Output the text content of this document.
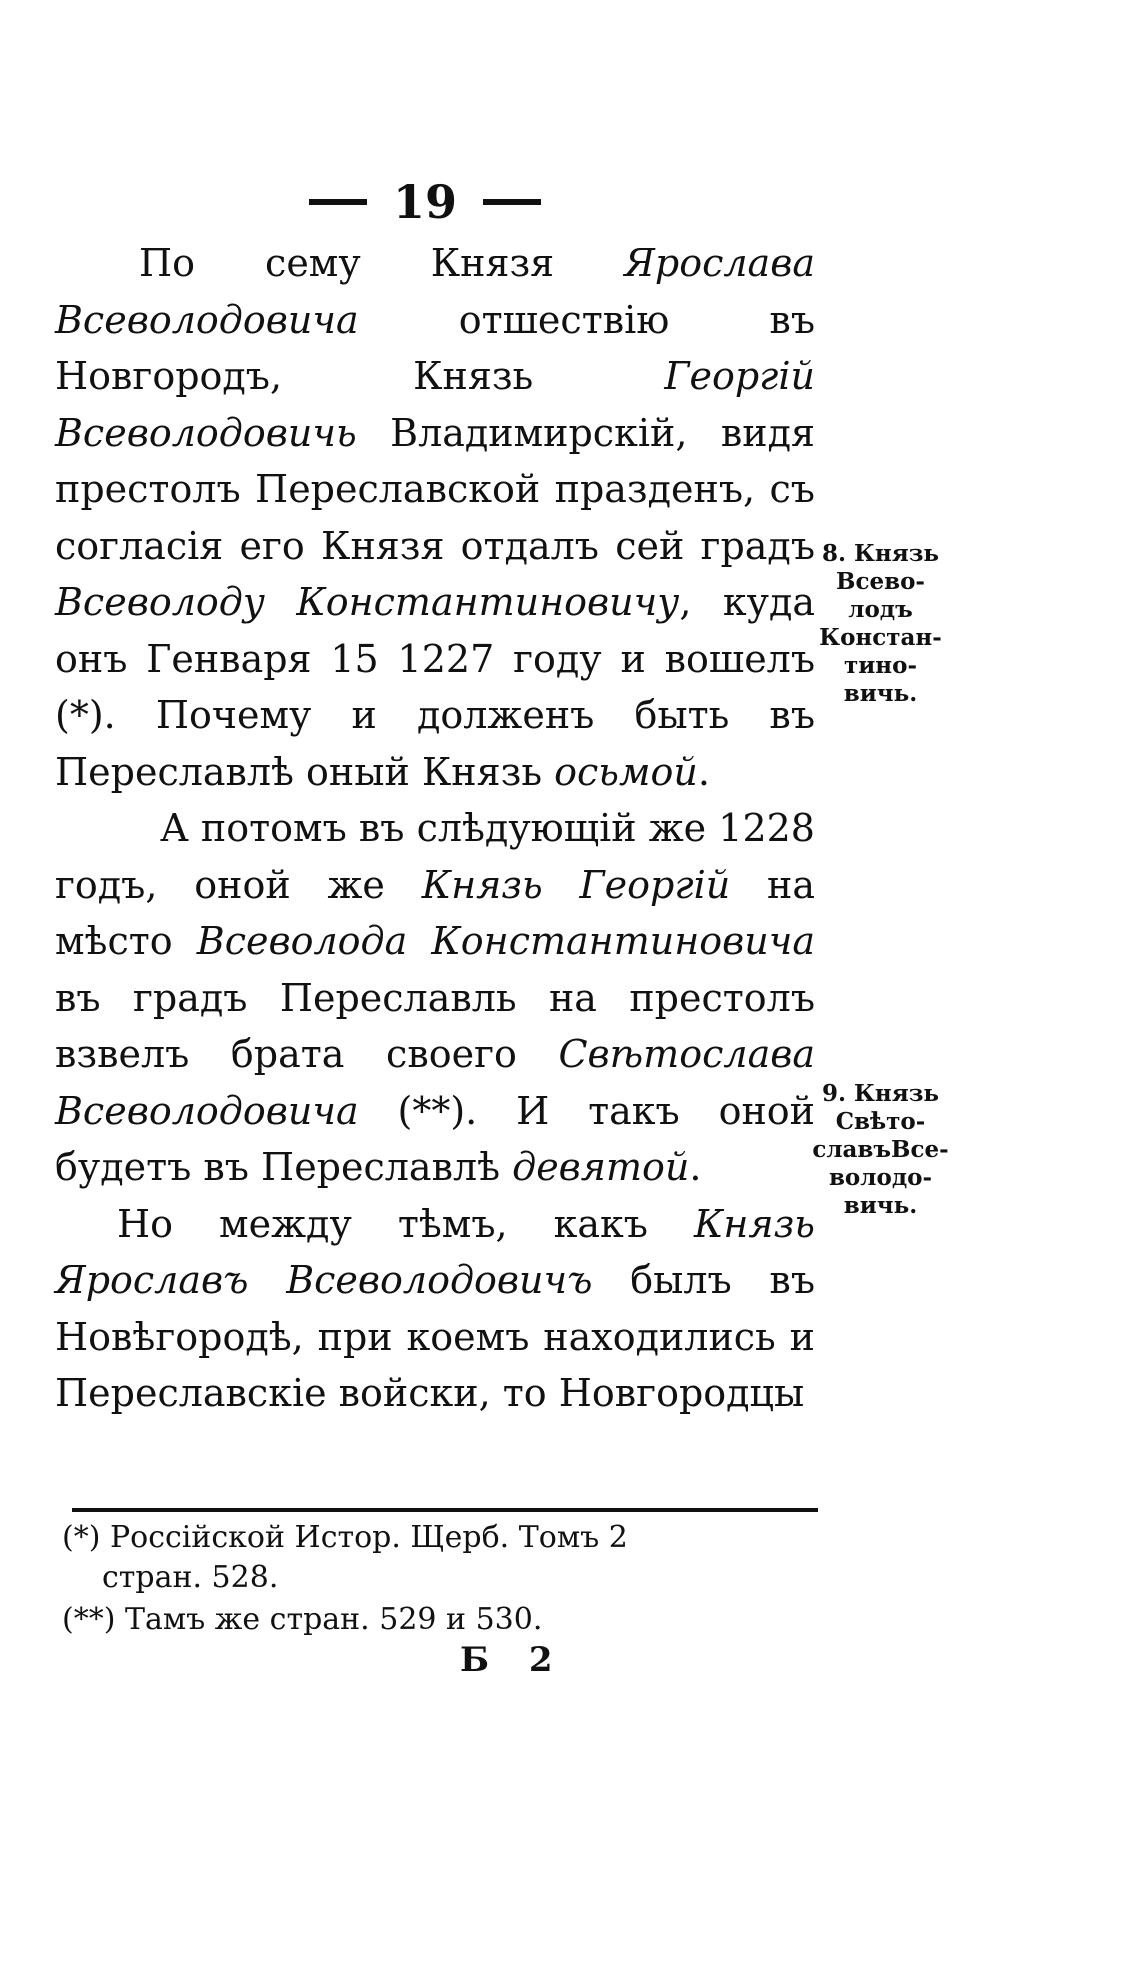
19

По сему Князя Ярослава Всеволодовича отшествію въ Новгородъ, Князь Георгій Всеволодовичь Владимирскій, видя престолъ Переславской празденъ, съ согласія его Князя отдалъ сей градъ Всеволоду Константиновичу, куда онъ Генваря 15 1227 году и вошелъ (*). Почему и долженъ быть въ Переславлѣ оный Князь осьмой.

А потомъ въ слѣдующій же 1228 годъ, оной же Князь Георгій на мѣсто Всеволода Константиновича въ градъ Переславль на престолъ взвелъ брата своего Свѣтослава Всеволодовича (**). И такъ оной будетъ въ Переславлѣ девятой.

Но между тѣмъ, какъ Князь Ярославъ Всеволодовичъ былъ въ Новѣгородѣ, при коемъ находились и Переславскіе войски, то Новгородцы

8. Князь
Всево-
лодъ
Констан-
тино-
вичь.
9. Князь
Свѣто-
славъВсе-
володо-
вичь.

(*) Россійской Истор. Щерб. Томъ 2
стран. 528.

(**) Тамъ же стран. 529 и 530.

Б 2
